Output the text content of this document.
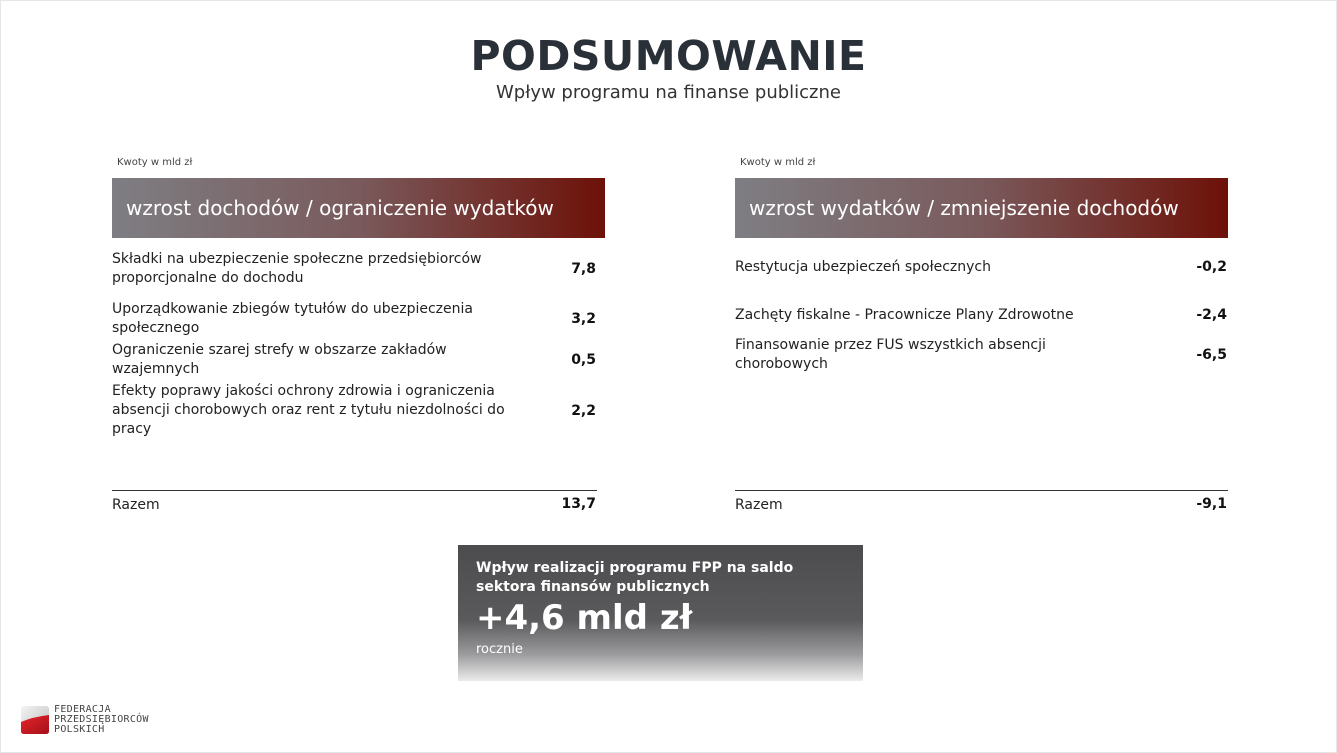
PODSUMOWANIE
Wpływ programu na finanse publiczne
Kwoty w mld zł
wzrost dochodów / ograniczenie wydatków
Składki na ubezpieczenie społeczne przedsiębiorców proporcjonalne do dochodu
7,8
Uporządkowanie zbiegów tytułów do ubezpieczenia społecznego
3,2
Ograniczenie szarej strefy w obszarze zakładów wzajemnych
0,5
Efekty poprawy jakości ochrony zdrowia i ograniczenia absencji chorobowych oraz rent z tytułu niezdolności do pracy
2,2
Razem	13,7
Kwoty w mld zł
wzrost wydatków / zmniejszenie dochodów
Restytucja ubezpieczeń społecznych	-0,2
Zachęty fiskalne - Pracownicze Plany Zdrowotne	-2,4
Finansowanie przez FUS wszystkich absencji chorobowych
-6,5
Razem	-9,1
Wpływ realizacji programu FPP na saldo sektora finansów publicznych
+4,6 mld zł
rocznie
FEDERACJA
PRZEDSIĘBIORCÓW
POLSKICH
